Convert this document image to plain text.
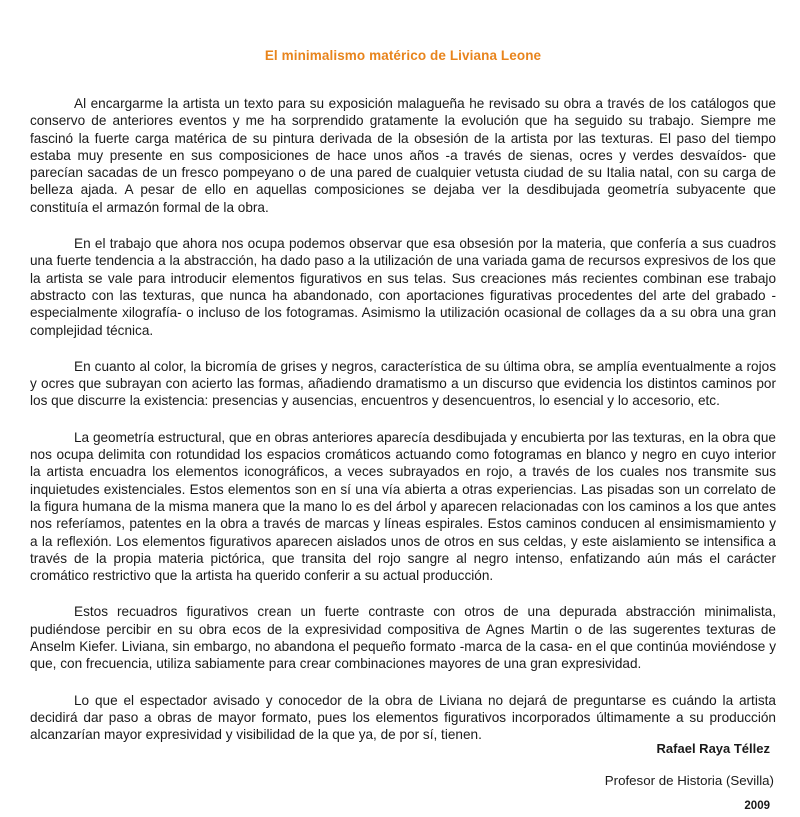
El minimalismo matérico de Liviana Leone

Al encargarme la artista un texto para su exposición malagueña he revisado su obra a través de los catálogos que conservo de anteriores eventos y me ha sorprendido gratamente la evolución que ha seguido su trabajo. Siempre me fascinó la fuerte carga matérica de su pintura derivada de la obsesión de la artista por las texturas. El paso del tiempo estaba muy presente en sus composiciones de hace unos años -a través de sienas, ocres y verdes desvaídos- que parecían sacadas de un fresco pompeyano o de una pared de cualquier vetusta ciudad de su Italia natal, con su carga de belleza ajada. A pesar de ello en aquellas composiciones se dejaba ver la desdibujada geometría subyacente que constituía el armazón formal de la obra.

En el trabajo que ahora nos ocupa podemos observar que esa obsesión por la materia, que confería a sus cuadros una fuerte tendencia a la abstracción, ha dado paso a la utilización de una variada gama de recursos expresivos de los que la artista se vale para introducir elementos figurativos en sus telas. Sus creaciones más recientes combinan ese trabajo abstracto con las texturas, que nunca ha abandonado, con aportaciones figurativas procedentes del arte del grabado -especialmente xilografía- o incluso de los fotogramas. Asimismo la utilización ocasional de collages da a su obra una gran complejidad técnica.

En cuanto al color, la bicromía de grises y negros, característica de su última obra, se amplía eventualmente a rojos y ocres que subrayan con acierto las formas, añadiendo dramatismo a un discurso que evidencia los distintos caminos por los que discurre la existencia: presencias y ausencias, encuentros y desencuentros, lo esencial y lo accesorio, etc.

La geometría estructural, que en obras anteriores aparecía desdibujada y encubierta por las texturas, en la obra que nos ocupa delimita con rotundidad los espacios cromáticos actuando como fotogramas en blanco y negro en cuyo interior la artista encuadra los elementos iconográficos, a veces subrayados en rojo, a través de los cuales nos transmite sus inquietudes existenciales. Estos elementos son en sí una vía abierta a otras experiencias. Las pisadas son un correlato de la figura humana de la misma manera que la mano lo es del árbol y aparecen relacionadas con los caminos a los que antes nos referíamos, patentes en la obra a través de marcas y líneas espirales. Estos caminos conducen al ensimismamiento y a la reflexión. Los elementos figurativos aparecen aislados unos de otros en sus celdas, y este aislamiento se intensifica a través de la propia materia pictórica, que transita del rojo sangre al negro intenso, enfatizando aún más el carácter cromático restrictivo que la artista ha querido conferir a su actual producción.

Estos recuadros figurativos crean un fuerte contraste con otros de una depurada abstracción minimalista, pudiéndose percibir en su obra ecos de la expresividad compositiva de Agnes Martin o de las sugerentes texturas de Anselm Kiefer. Liviana, sin embargo, no abandona el pequeño formato -marca de la casa- en el que continúa moviéndose y que, con frecuencia, utiliza sabiamente para crear combinaciones mayores de una gran expresividad.

Lo que el espectador avisado y conocedor de la obra de Liviana no dejará de preguntarse es cuándo la artista decidirá dar paso a obras de mayor formato, pues los elementos figurativos incorporados últimamente a su producción alcanzarían mayor expresividad y visibilidad de la que ya, de por sí, tienen.

Rafael Raya Téllez
Profesor de Historia (Sevilla)
2009
